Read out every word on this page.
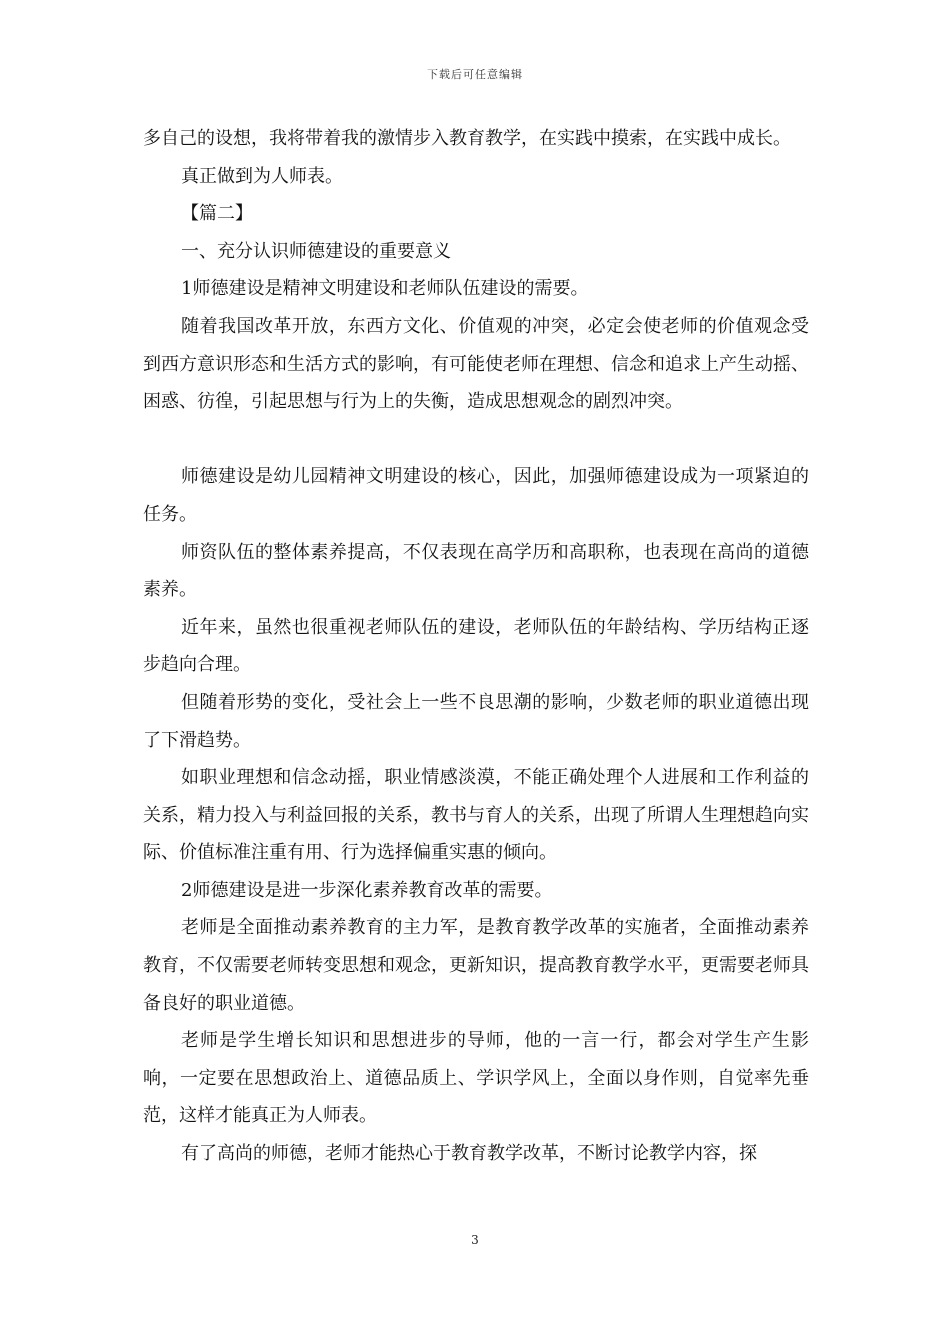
下载后可任意编辑

多自己的设想，我将带着我的激情步入教育教学，在实践中摸索，在实践中成长。

真正做到为人师表。

【篇二】

一、充分认识师德建设的重要意义

1师德建设是精神文明建设和老师队伍建设的需要。

随着我国改革开放，东西方文化、价值观的冲突，必定会使老师的价值观念受到西方意识形态和生活方式的影响，有可能使老师在理想、信念和追求上产生动摇、困惑、彷徨，引起思想与行为上的失衡，造成思想观念的剧烈冲突。

师德建设是幼儿园精神文明建设的核心，因此，加强师德建设成为一项紧迫的任务。

师资队伍的整体素养提高，不仅表现在高学历和高职称，也表现在高尚的道德素养。

近年来，虽然也很重视老师队伍的建设，老师队伍的年龄结构、学历结构正逐步趋向合理。

但随着形势的变化，受社会上一些不良思潮的影响，少数老师的职业道德出现了下滑趋势。

如职业理想和信念动摇，职业情感淡漠，不能正确处理个人进展和工作利益的关系，精力投入与利益回报的关系，教书与育人的关系，出现了所谓人生理想趋向实际、价值标准注重有用、行为选择偏重实惠的倾向。

2师德建设是进一步深化素养教育改革的需要。

老师是全面推动素养教育的主力军，是教育教学改革的实施者，全面推动素养教育，不仅需要老师转变思想和观念，更新知识，提高教育教学水平，更需要老师具备良好的职业道德。

老师是学生增长知识和思想进步的导师，他的一言一行，都会对学生产生影响，一定要在思想政治上、道德品质上、学识学风上，全面以身作则，自觉率先垂范，这样才能真正为人师表。

有了高尚的师德，老师才能热心于教育教学改革，不断讨论教学内容，探

3
